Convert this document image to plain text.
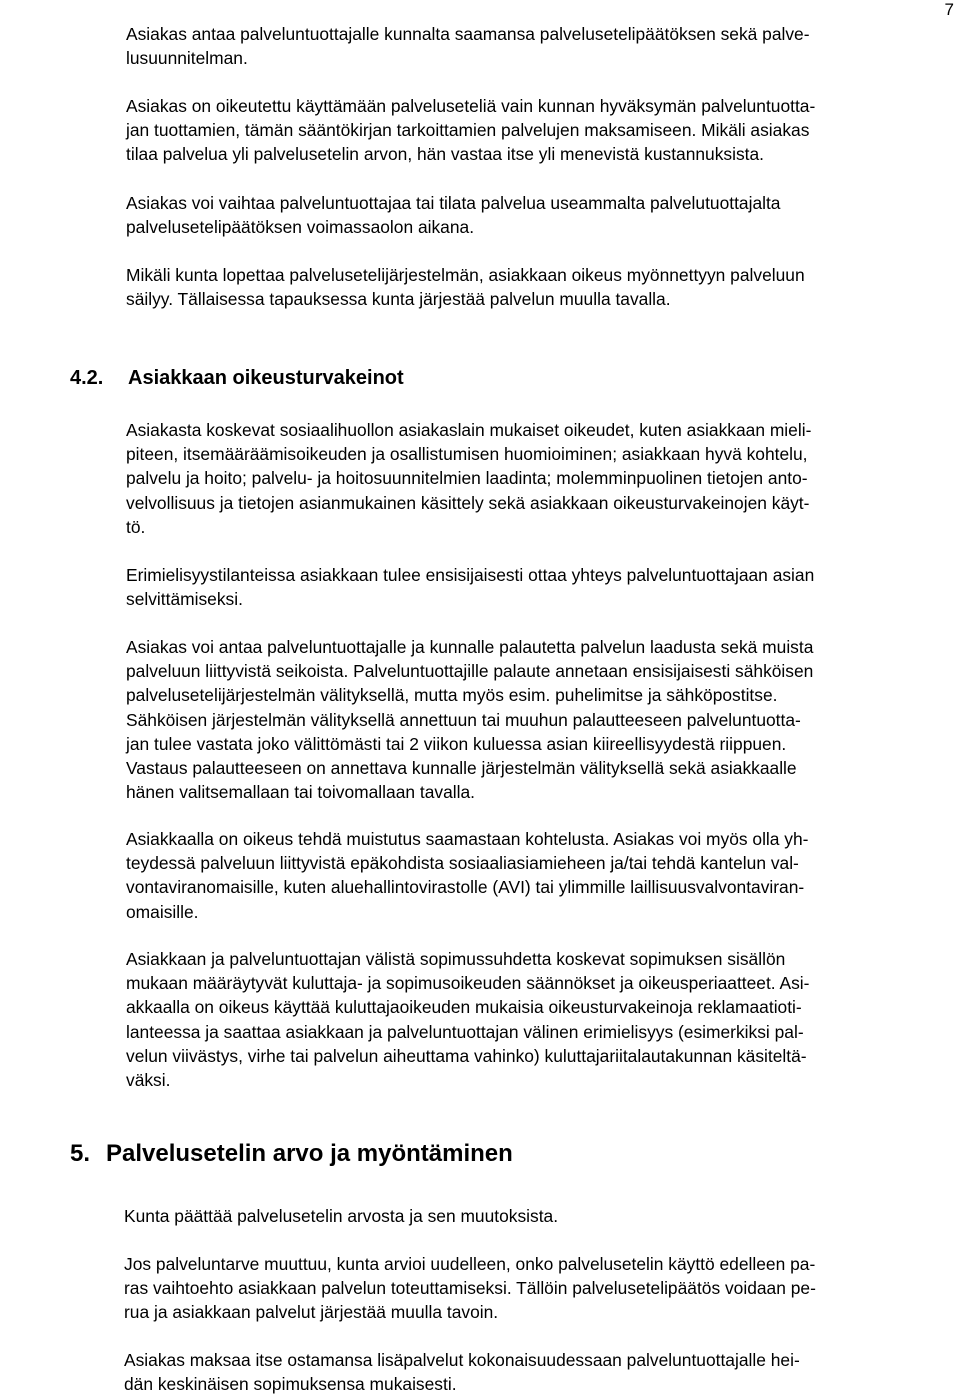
7

Asiakas antaa palveluntuottajalle kunnalta saamansa palvelusetelipäätöksen sekä palve-
lusuunnitelman.

Asiakas on oikeutettu käyttämään palveluseteliä vain kunnan hyväksymän palveluntuotta-
jan tuottamien, tämän sääntökirjan tarkoittamien palvelujen maksamiseen. Mikäli asiakas
tilaa palvelua yli palvelusetelin arvon, hän vastaa itse yli menevistä kustannuksista.

Asiakas voi vaihtaa palveluntuottajaa tai tilata palvelua useammalta palvelutuottajalta
palvelusetelipäätöksen voimassaolon aikana.

Mikäli kunta lopettaa palvelusetelijärjestelmän, asiakkaan oikeus myönnettyyn palveluun
säilyy. Tällaisessa tapauksessa kunta järjestää palvelun muulla tavalla.

4.2. Asiakkaan oikeusturvakeinot

Asiakasta koskevat sosiaalihuollon asiakaslain mukaiset oikeudet, kuten asiakkaan mieli-
piteen, itsemääräämisoikeuden ja osallistumisen huomioiminen; asiakkaan hyvä kohtelu,
palvelu ja hoito; palvelu- ja hoitosuunnitelmien laadinta; molemminpuolinen tietojen anto-
velvollisuus ja tietojen asianmukainen käsittely sekä asiakkaan oikeusturvakeinojen käyt-
tö.

Erimielisyystilanteissa asiakkaan tulee ensisijaisesti ottaa yhteys palveluntuottajaan asian
selvittämiseksi.

Asiakas voi antaa palveluntuottajalle ja kunnalle palautetta palvelun laadusta sekä muista
palveluun liittyvistä seikoista. Palveluntuottajille palaute annetaan ensisijaisesti sähköisen
palvelusetelijärjestelmän välityksellä, mutta myös esim. puhelimitse ja sähköpostitse.
Sähköisen järjestelmän välityksellä annettuun tai muuhun palautteeseen palveluntuotta-
jan tulee vastata joko välittömästi tai 2 viikon kuluessa asian kiireellisyydestä riippuen.
Vastaus palautteeseen on annettava kunnalle järjestelmän välityksellä sekä asiakkaalle
hänen valitsemallaan tai toivomallaan tavalla.

Asiakkaalla on oikeus tehdä muistutus saamastaan kohtelusta. Asiakas voi myös olla yh-
teydessä palveluun liittyvistä epäkohdista sosiaaliasiamieheen ja/tai tehdä kantelun val-
vontaviranomaisille, kuten aluehallintovirastolle (AVI) tai ylimmille laillisuusvalvontaviran-
omaisille.

Asiakkaan ja palveluntuottajan välistä sopimussuhdetta koskevat sopimuksen sisällön
mukaan määräytyvät kuluttaja- ja sopimusoikeuden säännökset ja oikeusperiaatteet. Asi-
akkaalla on oikeus käyttää kuluttajaoikeuden mukaisia oikeusturvakeinoja reklamaatioti-
lanteessa ja saattaa asiakkaan ja palveluntuottajan välinen erimielisyys (esimerkiksi pal-
velun viivästys, virhe tai palvelun aiheuttama vahinko) kuluttajariitalautakunnan käsiteltä-
väksi.

5. Palvelusetelin arvo ja myöntäminen

Kunta päättää palvelusetelin arvosta ja sen muutoksista.

Jos palveluntarve muuttuu, kunta arvioi uudelleen, onko palvelusetelin käyttö edelleen pa-
ras vaihtoehto asiakkaan palvelun toteuttamiseksi. Tällöin palvelusetelipäätös voidaan pe-
rua ja asiakkaan palvelut järjestää muulla tavoin.

Asiakas maksaa itse ostamansa lisäpalvelut kokonaisuudessaan palveluntuottajalle hei-
dän keskinäisen sopimuksensa mukaisesti.
